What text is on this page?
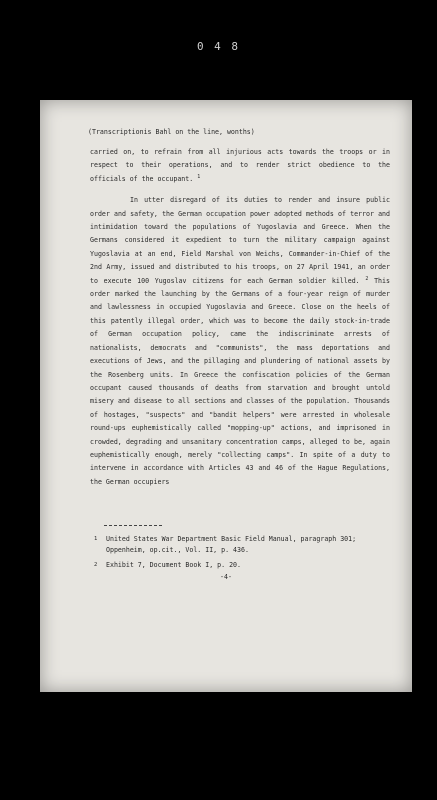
0 4 8
(Transcriptionis Bahl on the line, wonths)

carried on, to refrain from all injurious acts towards the troops or in respect to their operations, and to render strict obedience to the officials of the occupant. $^1$

In utter disregard of its duties to render and insure public order and safety, the German occupation power adopted methods of terror and intimidation toward the populations of Yugoslavia and Greece. When the Germans considered it expedient to turn the military campaign against Yugoslavia at an end, Field Marshal von Weichs, Commander-in-Chief of the 2nd Army, issued and distributed to his troops, on 27 April 1941, an order to execute 100 Yugoslav citizens for each German soldier killed. $^2$ This order marked the launching by the Germans of a four-year reign of murder and lawlessness in occupied Yugoslavia and Greece. Close on the heels of this patently illegal order, which was to become the daily stock-in-trade of German occupation policy, came the indiscriminate arrests of nationalists, democrats and "communists", the mass deportations and executions of Jews, and the pillaging and plundering of national assets by the Rosenberg units. In Greece the confiscation policies of the German occupant caused thousands of deaths from starvation and brought untold misery and disease to all sections and classes of the population. Thousands of hostages, "suspects" and "bandit helpers" were arrested in wholesale round-ups euphemistically called "mopping-up" actions, and imprisoned in crowded, degrading and unsanitary concentration camps, alleged to be, again euphemistically enough, merely "collecting camps". In spite of a duty to intervene in accordance with Articles 43 and 46 of the Hague Regulations, the German occupiers

1	United States War Department Basic Field Manual, paragraph 301; Oppenheim, op.cit., Vol. II, p. 436.
2	Exhibit 7, Document Book I, p. 20.
-4-
